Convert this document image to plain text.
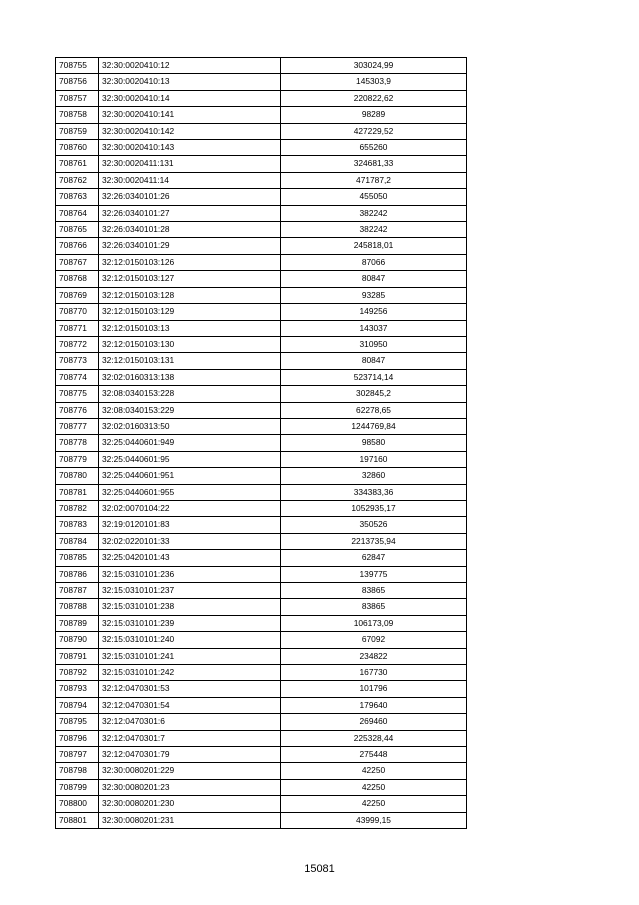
708755	32:30:0020410:12	303024,99
708756	32:30:0020410:13	145303,9
708757	32:30:0020410:14	220822,62
708758	32:30:0020410:141	98289
708759	32:30:0020410:142	427229,52
708760	32:30:0020410:143	655260
708761	32:30:0020411:131	324681,33
708762	32:30:0020411:14	471787,2
708763	32:26:0340101:26	455050
708764	32:26:0340101:27	382242
708765	32:26:0340101:28	382242
708766	32:26:0340101:29	245818,01
708767	32:12:0150103:126	87066
708768	32:12:0150103:127	80847
708769	32:12:0150103:128	93285
708770	32:12:0150103:129	149256
708771	32:12:0150103:13	143037
708772	32:12:0150103:130	310950
708773	32:12:0150103:131	80847
708774	32:02:0160313:138	523714,14
708775	32:08:0340153:228	302845,2
708776	32:08:0340153:229	62278,65
708777	32:02:0160313:50	1244769,84
708778	32:25:0440601:949	98580
708779	32:25:0440601:95	197160
708780	32:25:0440601:951	32860
708781	32:25:0440601:955	334383,36
708782	32:02:0070104:22	1052935,17
708783	32:19:0120101:83	350526
708784	32:02:0220101:33	2213735,94
708785	32:25:0420101:43	62847
708786	32:15:0310101:236	139775
708787	32:15:0310101:237	83865
708788	32:15:0310101:238	83865
708789	32:15:0310101:239	106173,09
708790	32:15:0310101:240	67092
708791	32:15:0310101:241	234822
708792	32:15:0310101:242	167730
708793	32:12:0470301:53	101796
708794	32:12:0470301:54	179640
708795	32:12:0470301:6	269460
708796	32:12:0470301:7	225328,44
708797	32:12:0470301:79	275448
708798	32:30:0080201:229	42250
708799	32:30:0080201:23	42250
708800	32:30:0080201:230	42250
708801	32:30:0080201:231	43999,15
15081
